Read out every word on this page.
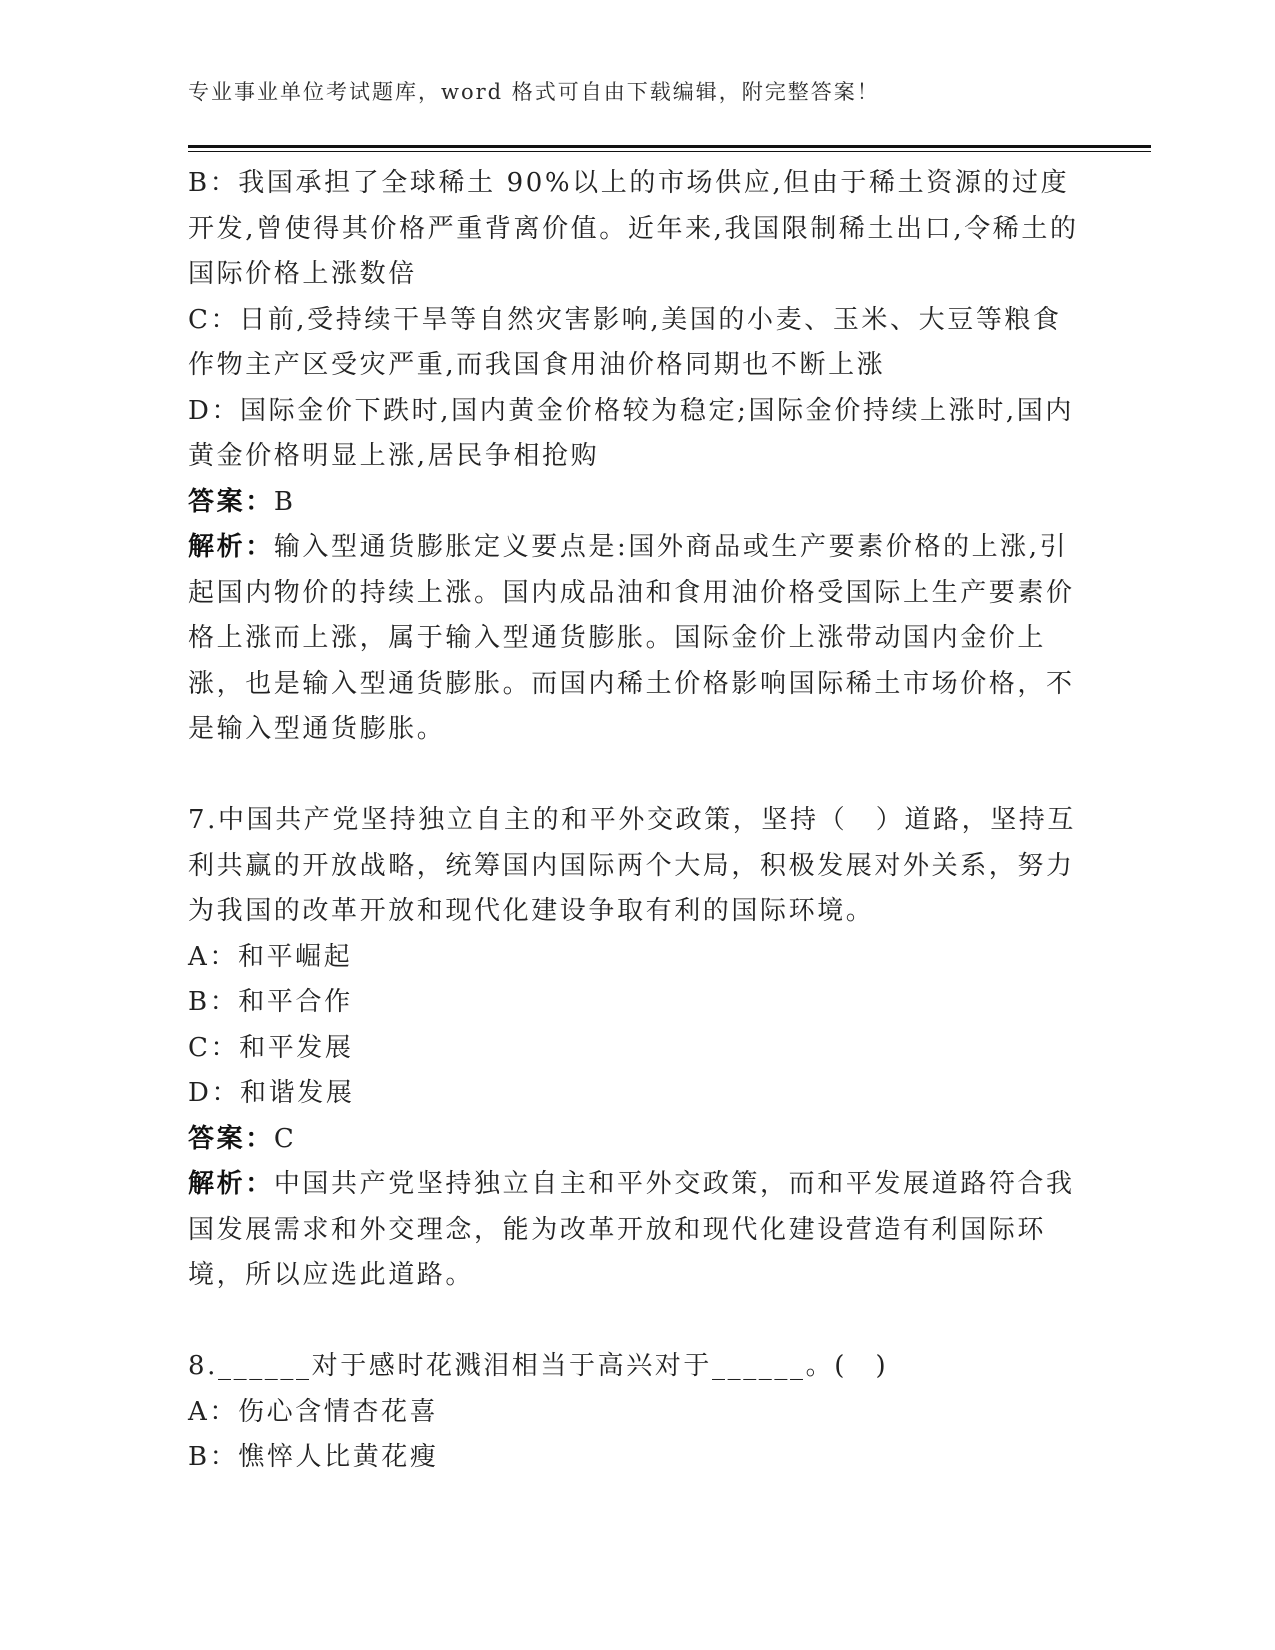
专业事业单位考试题库，word 格式可自由下载编辑，附完整答案！
B：我国承担了全球稀土 90%以上的市场供应,但由于稀土资源的过度开发,曾使得其价格严重背离价值。近年来,我国限制稀土出口,令稀土的国际价格上涨数倍
C：日前,受持续干旱等自然灾害影响,美国的小麦、玉米、大豆等粮食作物主产区受灾严重,而我国食用油价格同期也不断上涨
D：国际金价下跌时,国内黄金价格较为稳定;国际金价持续上涨时,国内黄金价格明显上涨,居民争相抢购
答案：B
解析：输入型通货膨胀定义要点是:国外商品或生产要素价格的上涨,引起国内物价的持续上涨。国内成品油和食用油价格受国际上生产要素价格上涨而上涨，属于输入型通货膨胀。国际金价上涨带动国内金价上涨，也是输入型通货膨胀。而国内稀土价格影响国际稀土市场价格，不是输入型通货膨胀。
7.中国共产党坚持独立自主的和平外交政策，坚持（　）道路，坚持互利共赢的开放战略，统筹国内国际两个大局，积极发展对外关系，努力为我国的改革开放和现代化建设争取有利的国际环境。
A：和平崛起
B：和平合作
C：和平发展
D：和谐发展
答案：C
解析：中国共产党坚持独立自主和平外交政策，而和平发展道路符合我国发展需求和外交理念，能为改革开放和现代化建设营造有利国际环境，所以应选此道路。
8.______对于感时花溅泪相当于高兴对于______。(　)
A：伤心含情杏花喜
B：憔悴人比黄花瘦
